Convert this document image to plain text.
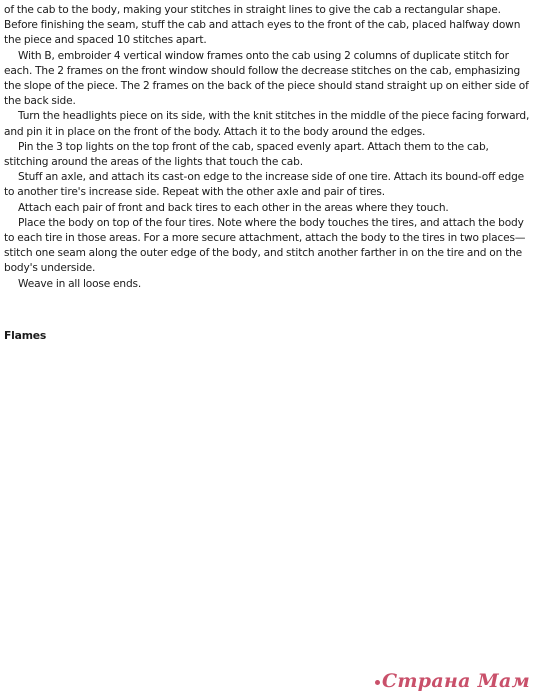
of the cab to the body, making your stitches in straight lines to give the cab a rectangular shape. Before finishing the seam, stuff the cab and attach eyes to the front of the cab, placed halfway down the piece and spaced 10 stitches apart.

With B, embroider 4 vertical window frames onto the cab using 2 columns of duplicate stitch for each. The 2 frames on the front window should follow the decrease stitches on the cab, emphasizing the slope of the piece. The 2 frames on the back of the piece should stand straight up on either side of the back side.

Turn the headlights piece on its side, with the knit stitches in the middle of the piece facing forward, and pin it in place on the front of the body. Attach it to the body around the edges.

Pin the 3 top lights on the top front of the cab, spaced evenly apart. Attach them to the cab, stitching around the areas of the lights that touch the cab.

Stuff an axle, and attach its cast-on edge to the increase side of one tire. Attach its bound-off edge to another tire's increase side. Repeat with the other axle and pair of tires.

Attach each pair of front and back tires to each other in the areas where they touch.

Place the body on top of the four tires. Note where the body touches the tires, and attach the body to each tire in those areas. For a more secure attachment, attach the body to the tires in two places—stitch one seam along the outer edge of the body, and stitch another farther in on the tire and on the body's underside.

Weave in all loose ends.

Flames
Страна Мам
